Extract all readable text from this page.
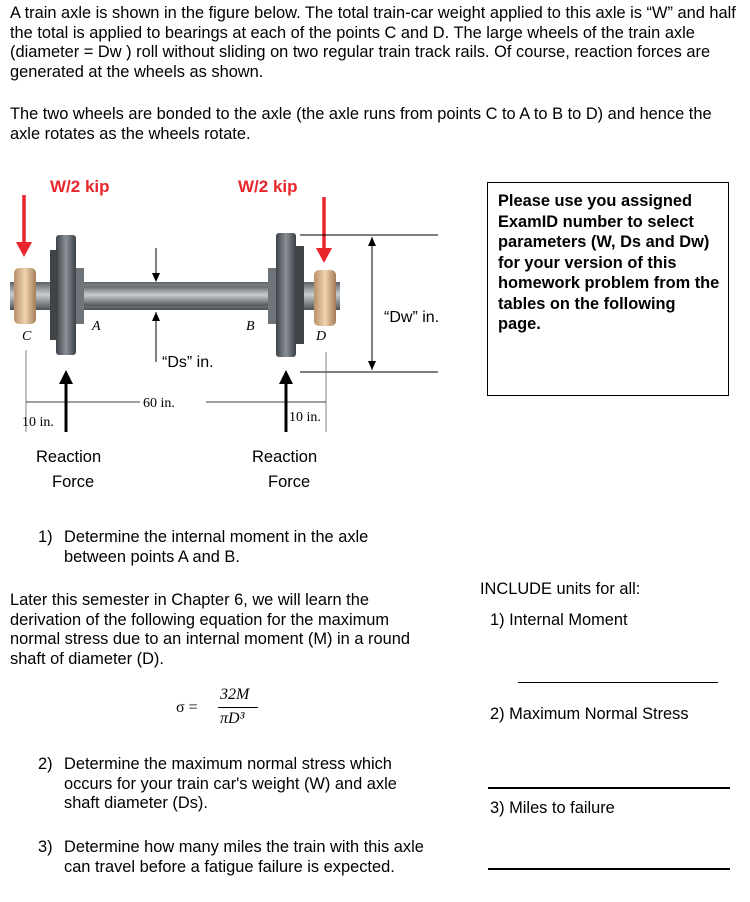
A train axle is shown in the figure below. The total train-car weight applied to this axle is “W” and half the total is applied to bearings at each of the points C and D. The large wheels of the train axle (diameter = Dw ) roll without sliding on two regular train track rails. Of course, reaction forces are generated at the wheels as shown.

The two wheels are bonded to the axle (the axle runs from points C to A to B to D) and hence the axle rotates as the wheels rotate.

W/2 kip	W/2 kip
C
A	B
D
“Ds” in.
“Dw” in.
60 in.
10 in.	10 in.
Reaction
Force
Reaction
Force
Please use you assigned ExamID number to select parameters (W, Ds and Dw) for your version of this homework problem from the tables on the following page.
1) Determine the internal moment in the axle between points A and B.

Later this semester in Chapter 6, we will learn the derivation of the following equation for the maximum normal stress due to an internal moment (M) in a round shaft of diameter (D).

σ =
32M
πD³
2) Determine the maximum normal stress which occurs for your train car's weight (W) and axle shaft diameter (Ds).
3) Determine how many miles the train with this axle can travel before a fatigue failure is expected.
INCLUDE units for all:
1) Internal Moment
2) Maximum Normal Stress
3) Miles to failure
